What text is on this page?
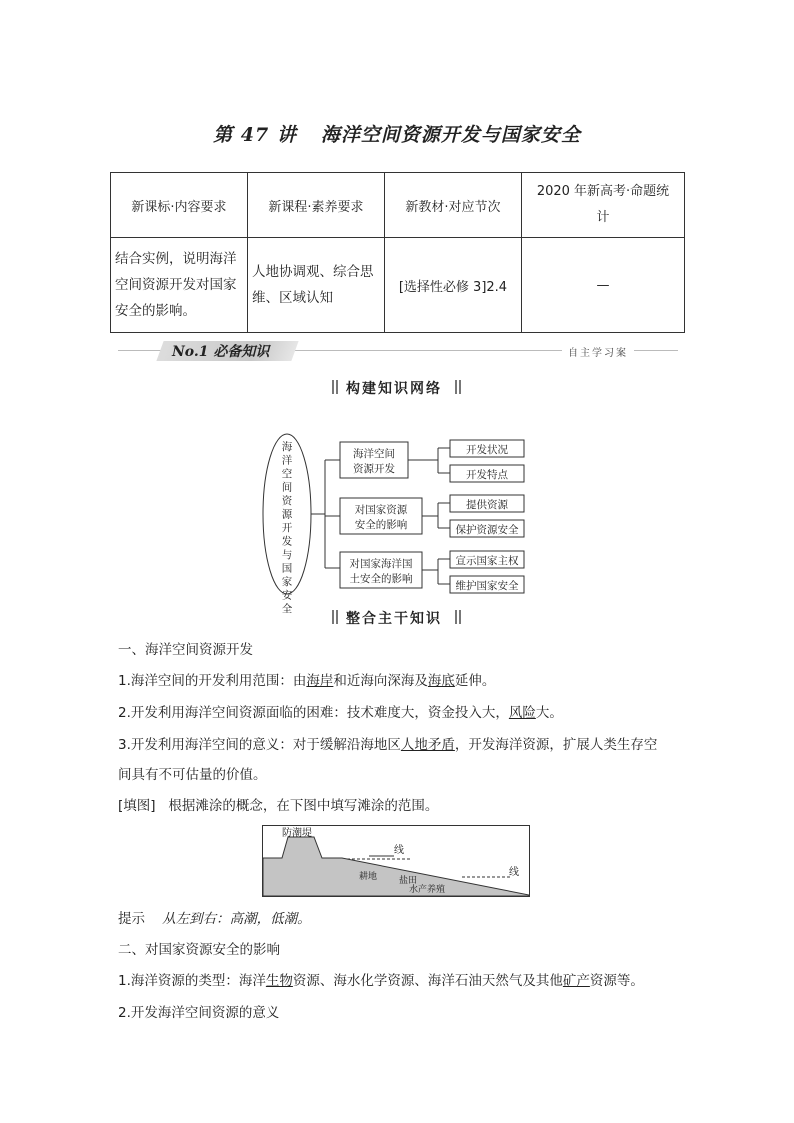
第 47 讲 海洋空间资源开发与国家安全
新课标·内容要求	新课程·素养要求	新教材·对应节次	2020 年新高考·命题统计
结合实例，说明海洋空间资源开发对国家安全的影响。	人地协调观、综合思维、区域认知	[选择性必修 3]2.4	—
No.1 必备知识	自主学习案
构建知识网络
海洋空间资源开发与国家安全
海洋空间
资源开发
对国家资源
安全的影响
对国家海洋国
土安全的影响
开发状况
开发特点
提供资源
保护资源安全
宣示国家主权
维护国家安全
整合主干知识
一、海洋空间资源开发
1.海洋空间的开发利用范围：由海岸和近海向深海及海底延伸。
2.开发利用海洋空间资源面临的困难：技术难度大，资金投入大，风险大。
3.开发利用海洋空间的意义：对于缓解沿海地区人地矛盾，开发海洋资源，扩展人类生存空
间具有不可估量的价值。
[填图] 根据滩涂的概念，在下图中填写滩涂的范围。
防潮堤
线
线
耕地 盐田
水产养殖
提示 从左到右：高潮，低潮。
二、对国家资源安全的影响
1.海洋资源的类型：海洋生物资源、海水化学资源、海洋石油天然气及其他矿产资源等。
2.开发海洋空间资源的意义
